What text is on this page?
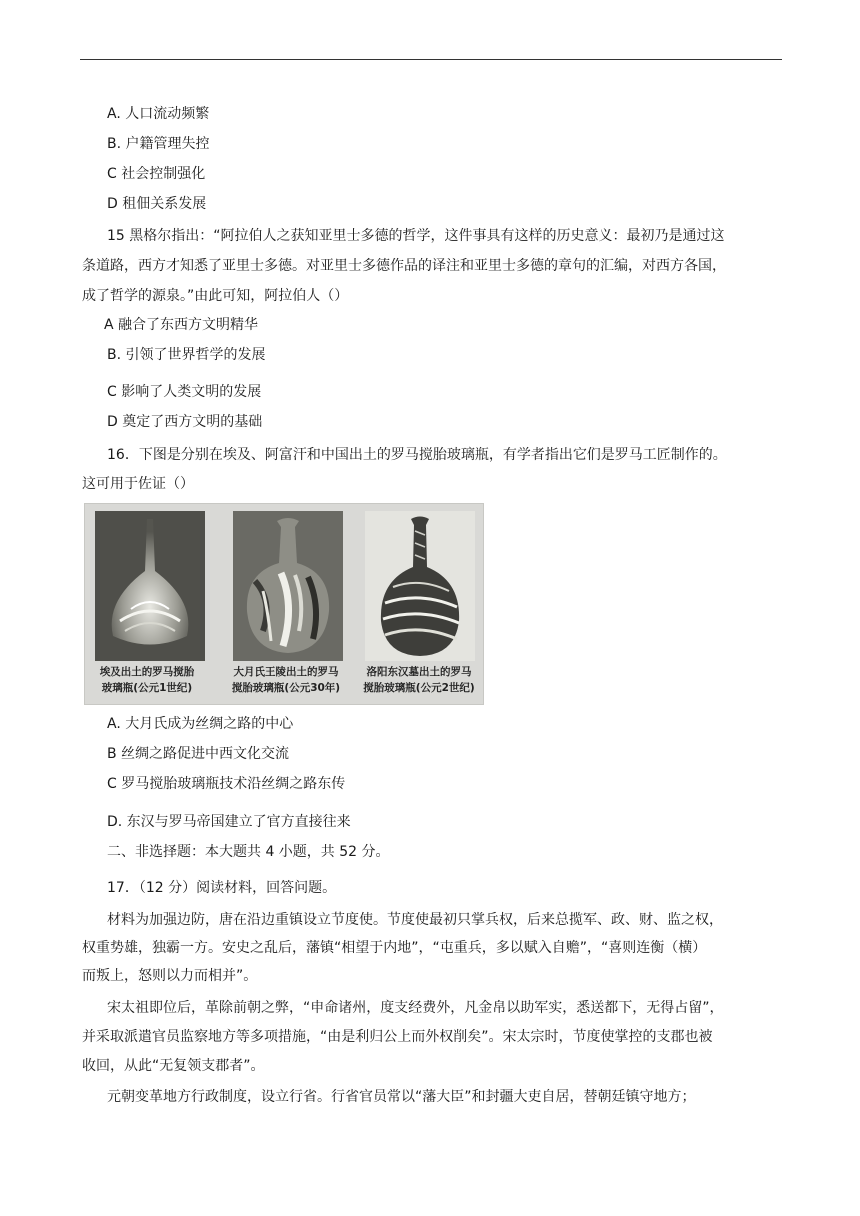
A. 人口流动频繁
B. 户籍管理失控
C 社会控制强化
D 租佃关系发展
15 黑格尔指出：“阿拉伯人之获知亚里士多德的哲学，这件事具有这样的历史意义：最初乃是通过这
条道路，西方才知悉了亚里士多德。对亚里士多德作品的译注和亚里士多德的章句的汇编，对西方各国，
成了哲学的源泉。”由此可知，阿拉伯人（）
A 融合了东西方文明精华
B. 引领了世界哲学的发展
C 影响了人类文明的发展
D 奠定了西方文明的基础
16．下图是分别在埃及、阿富汗和中国出土的罗马搅胎玻璃瓶，有学者指出它们是罗马工匠制作的。
这可用于佐证（）
埃及出土的罗马搅胎
玻璃瓶(公元1世纪)
大月氏王陵出土的罗马
搅胎玻璃瓶(公元30年)
洛阳东汉墓出土的罗马
搅胎玻璃瓶(公元2世纪)
A. 大月氏成为丝绸之路的中心
B 丝绸之路促进中西文化交流
C 罗马搅胎玻璃瓶技术沿丝绸之路东传
D. 东汉与罗马帝国建立了官方直接往来
二、非选择题：本大题共 4 小题，共 52 分。
17．（12 分）阅读材料，回答问题。
材料为加强边防，唐在沿边重镇设立节度使。节度使最初只掌兵权，后来总揽军、政、财、监之权，
权重势雄，独霸一方。安史之乱后，藩镇“相望于内地”，“屯重兵，多以赋入自赡”，“喜则连衡（横）
而叛上，怒则以力而相并”。
宋太祖即位后，革除前朝之弊，“申命诸州，度支经费外，凡金帛以助军实，悉送都下，无得占留”，
并采取派遣官员监察地方等多项措施，“由是利归公上而外权削矣”。宋太宗时，节度使掌控的支郡也被
收回，从此“无复领支郡者”。
元朝变革地方行政制度，设立行省。行省官员常以“藩大臣”和封疆大吏自居，替朝廷镇守地方；
